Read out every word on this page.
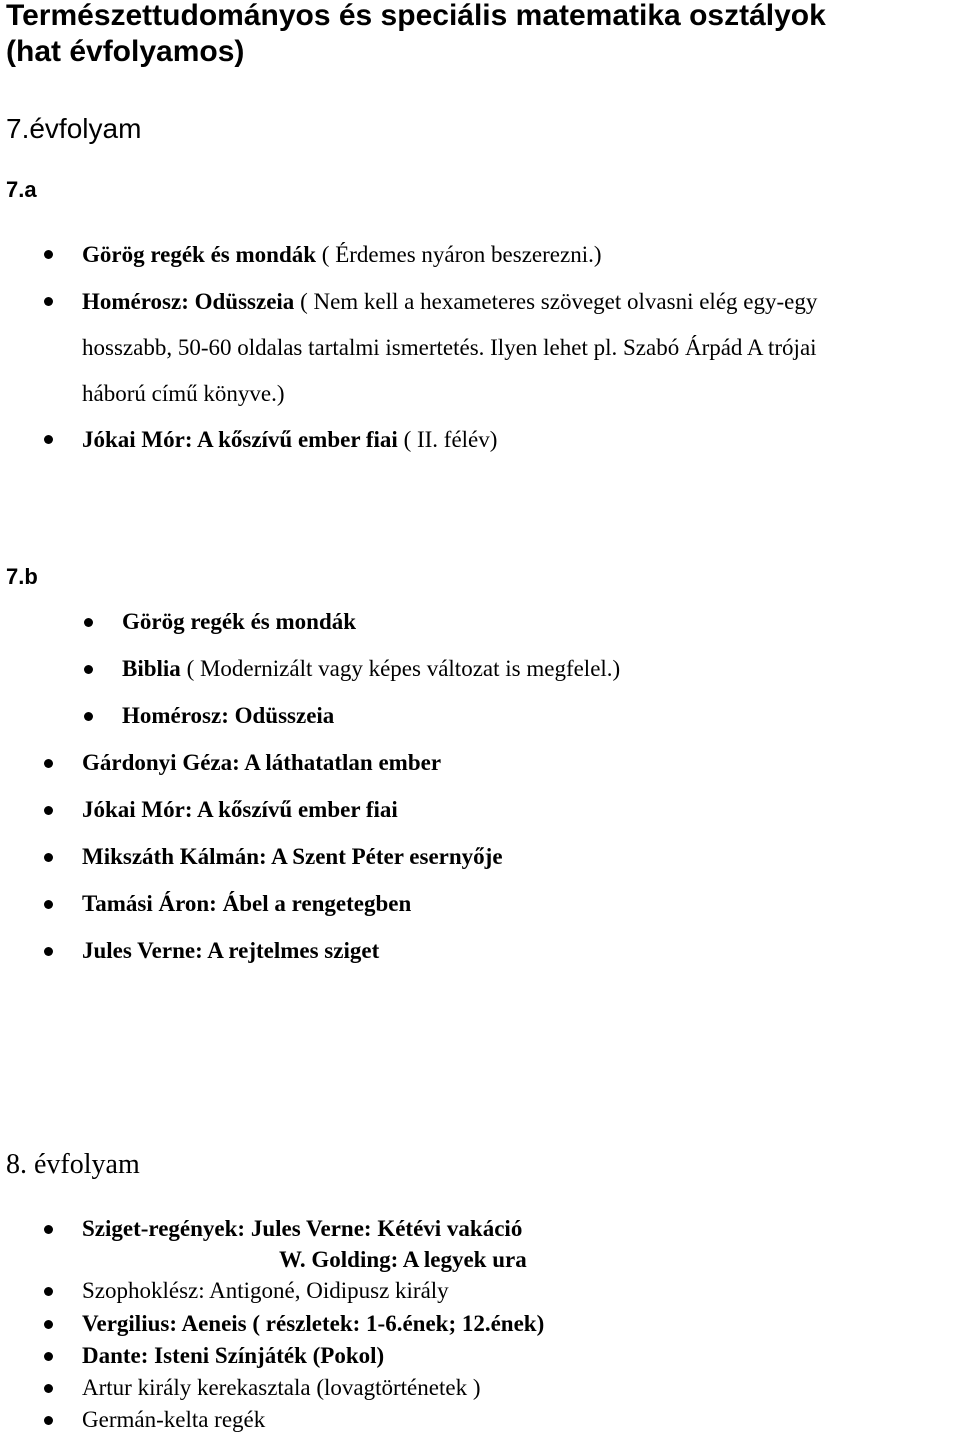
Természettudományos és speciális matematika osztályok
(hat évfolyamos)
7.évfolyam
7.a
Görög regék és mondák ( Érdemes nyáron beszerezni.)
Homérosz: Odüsszeia ( Nem kell a hexameteres szöveget olvasni elég egy-egy
hosszabb, 50-60 oldalas tartalmi ismertetés. Ilyen lehet pl. Szabó Árpád A trójai
háború című könyve.)
Jókai Mór: A kőszívű ember fiai ( II. félév)
7.b
Görög regék és mondák
Biblia ( Modernizált vagy képes változat is megfelel.)
Homérosz: Odüsszeia
Gárdonyi Géza: A láthatatlan ember
Jókai Mór: A kőszívű ember fiai
Mikszáth Kálmán: A Szent Péter esernyője
Tamási Áron: Ábel a rengetegben
Jules Verne: A rejtelmes sziget
8. évfolyam
Sziget-regények: Jules Verne: Kétévi vakáció
W. Golding: A legyek ura
Szophoklész: Antigoné, Oidipusz király
Vergilius: Aeneis ( részletek: 1-6.ének; 12.ének)
Dante: Isteni Színjáték (Pokol)
Artur király kerekasztala (lovagtörténetek )
Germán-kelta regék
